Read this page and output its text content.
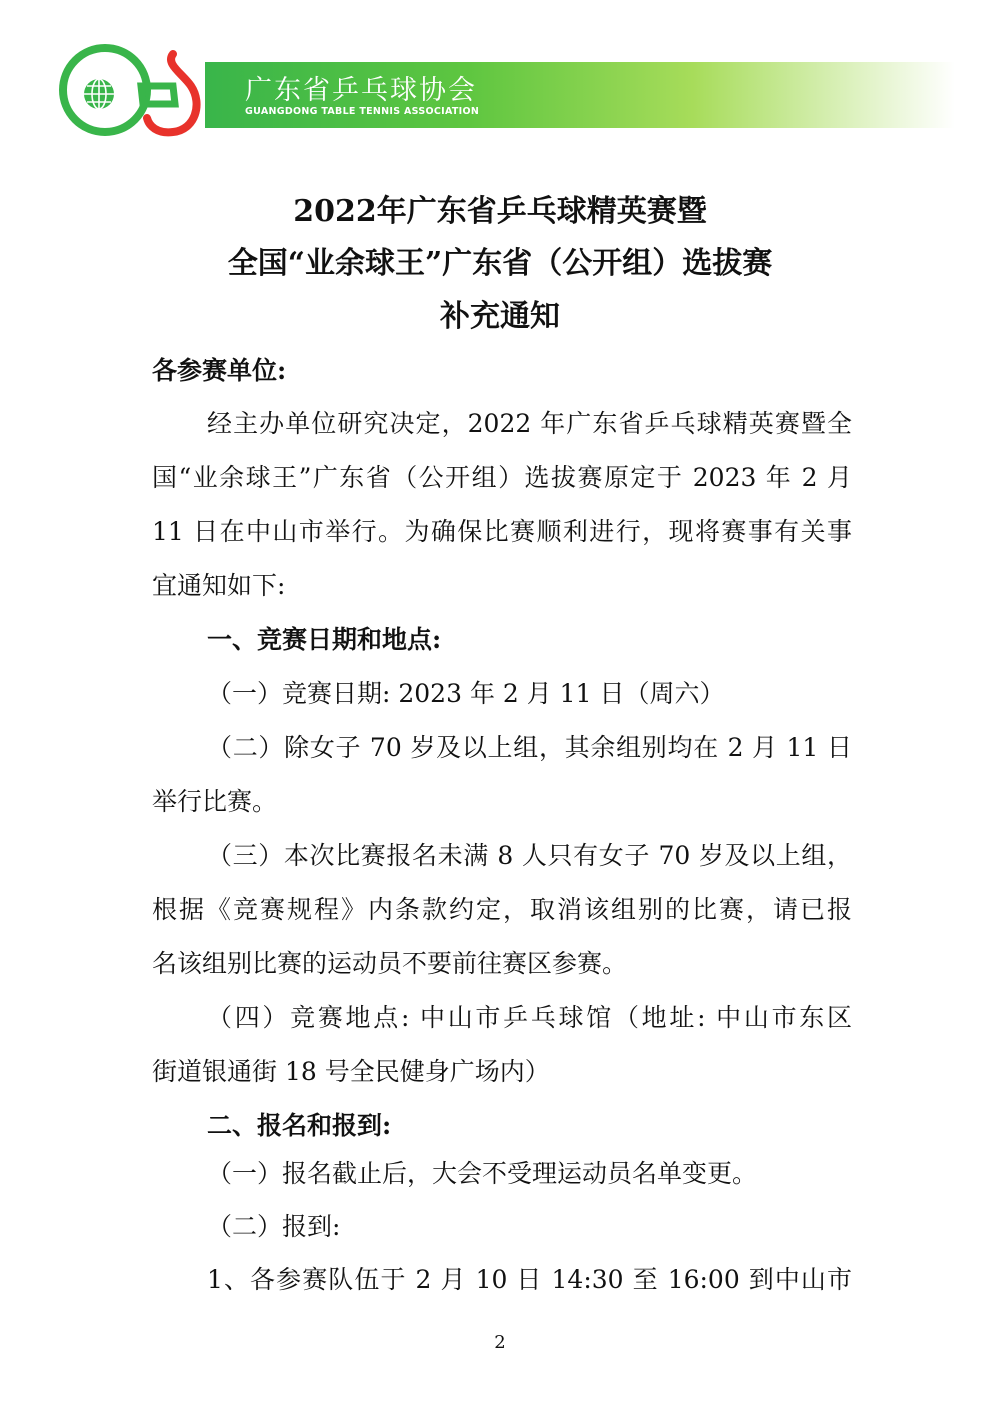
广东省乒乓球协会
GUANGDONG TABLE TENNIS ASSOCIATION
2022年广东省乒乓球精英赛暨
全国“业余球王”广东省（公开组）选拔赛
补充通知
各参赛单位:
经主办单位研究决定，2022 年广东省乒乓球精英赛暨全
国“业余球王”广东省（公开组）选拔赛原定于 2023 年 2 月
11 日在中山市举行。为确保比赛顺利进行，现将赛事有关事
宜通知如下:
一、竞赛日期和地点:
（一）竞赛日期: 2023 年 2 月 11 日（周六）
（二）除女子 70 岁及以上组，其余组别均在 2 月 11 日
举行比赛。
（三）本次比赛报名未满 8 人只有女子 70 岁及以上组，
根据《竞赛规程》内条款约定，取消该组别的比赛，请已报
名该组别比赛的运动员不要前往赛区参赛。
（四）竞赛地点: 中山市乒乓球馆（地址: 中山市东区
街道银通街 18 号全民健身广场内）
二、报名和报到:
（一）报名截止后，大会不受理运动员名单变更。
（二）报到:
1、各参赛队伍于 2 月 10 日 14:30 至 16:00 到中山市
2
